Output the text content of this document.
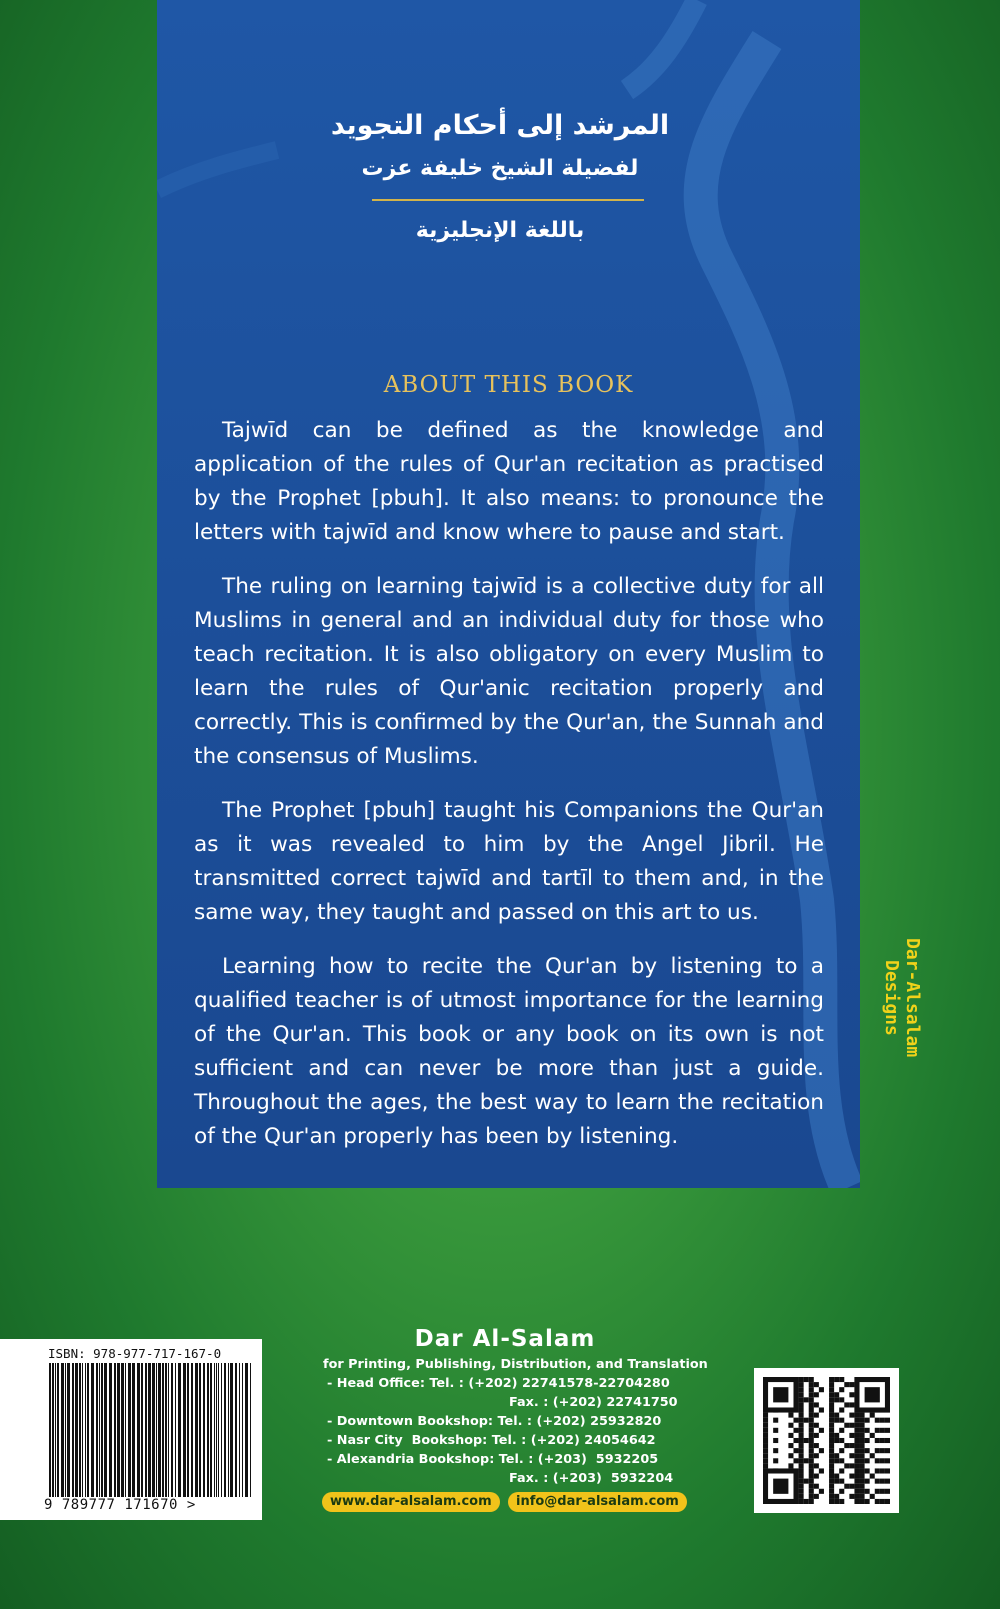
المرشد إلى أحكام التجويد
لفضيلة الشيخ خليفة عزت
باللغة الإنجليزية
ABOUT THIS BOOK

Tajwīd can be defined as the knowledge and application of the rules of Qur'an recitation as practised by the Prophet [pbuh]. It also means: to pronounce the letters with tajwīd and know where to pause and start.

The ruling on learning tajwīd is a collective duty for all Muslims in general and an individual duty for those who teach recitation. It is also obligatory on every Muslim to learn the rules of Qur'anic recitation properly and correctly. This is confirmed by the Qur'an, the Sunnah and the consensus of Muslims.

The Prophet [pbuh] taught his Companions the Qur'an as it was revealed to him by the Angel Jibril. He transmitted correct tajwīd and tartīl to them and, in the same way, they taught and passed on this art to us.

Learning how to recite the Qur'an by listening to a qualified teacher is of utmost importance for the learning of the Qur'an. This book or any book on its own is not sufficient and can never be more than just a guide. Throughout the ages, the best way to learn the recitation of the Qur'an properly has been by listening.

Dar-Alsalam Designs
ISBN: 978-977-717-167-0
9 789777 171670 >
Dar Al-Salam
for Printing, Publishing, Distribution, and Translation
- Head Office: Tel. : (+202) 22741578-22704280
Fax. : (+202) 22741750
- Downtown Bookshop: Tel. : (+202) 25932820
- Nasr City  Bookshop: Tel. : (+202) 24054642
- Alexandria Bookshop: Tel. : (+203)  5932205
Fax. : (+203)  5932204
www.dar-alsalam.com	info@dar-alsalam.com
